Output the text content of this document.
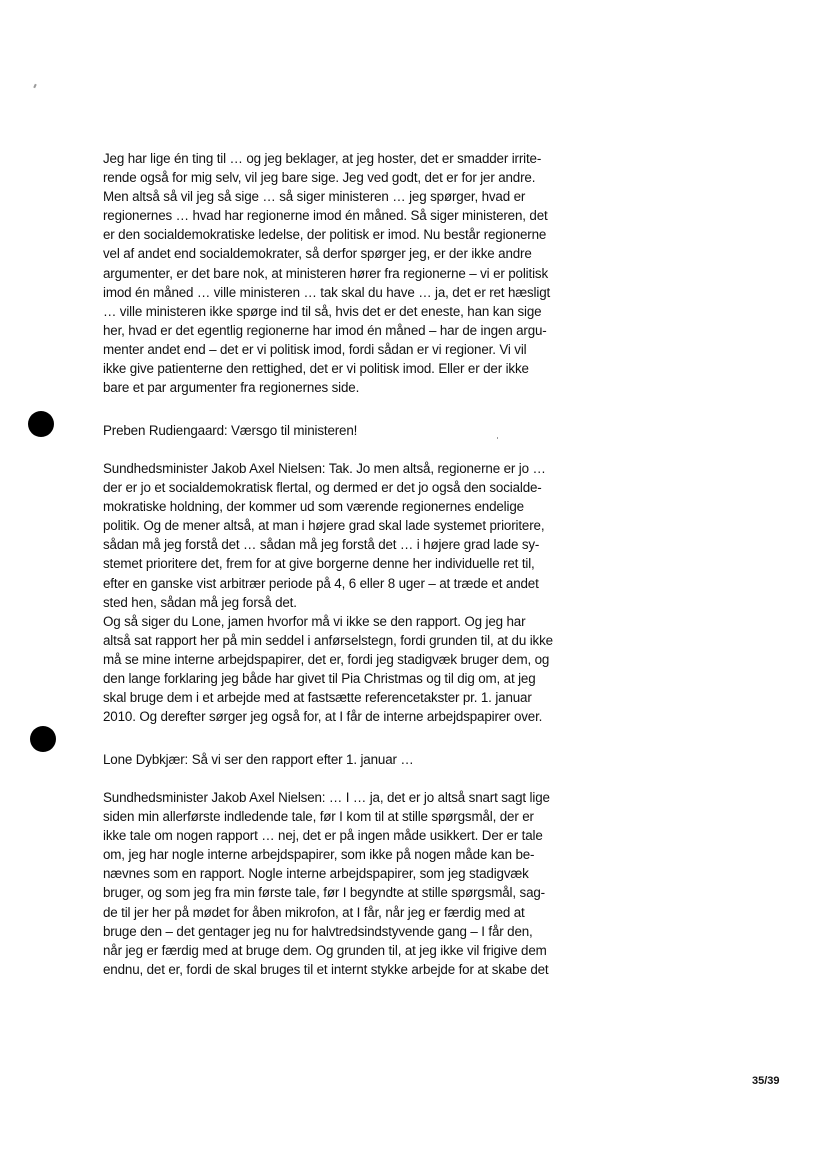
Jeg har lige én ting til … og jeg beklager, at jeg hoster, det er smadder irrite-
rende også for mig selv, vil jeg bare sige. Jeg ved godt, det er for jer andre.
Men altså så vil jeg så sige … så siger ministeren … jeg spørger, hvad er
regionernes … hvad har regionerne imod én måned. Så siger ministeren, det
er den socialdemokratiske ledelse, der politisk er imod. Nu består regionerne
vel af andet end socialdemokrater, så derfor spørger jeg, er der ikke andre
argumenter, er det bare nok, at ministeren hører fra regionerne – vi er politisk
imod én måned … ville ministeren … tak skal du have … ja, det er ret hæsligt
… ville ministeren ikke spørge ind til så, hvis det er det eneste, han kan sige
her, hvad er det egentlig regionerne har imod én måned – har de ingen argu-
menter andet end – det er vi politisk imod, fordi sådan er vi regioner. Vi vil
ikke give patienterne den rettighed, det er vi politisk imod. Eller er der ikke
bare et par argumenter fra regionernes side.
Preben Rudiengaard: Værsgo til ministeren!
Sundhedsminister Jakob Axel Nielsen: Tak. Jo men altså, regionerne er jo …
der er jo et socialdemokratisk flertal, og dermed er det jo også den socialde-
mokratiske holdning, der kommer ud som værende regionernes endelige
politik. Og de mener altså, at man i højere grad skal lade systemet prioritere,
sådan må jeg forstå det … sådan må jeg forstå det … i højere grad lade sy-
stemet prioritere det, frem for at give borgerne denne her individuelle ret til,
efter en ganske vist arbitrær periode på 4, 6 eller 8 uger – at træde et andet
sted hen, sådan må jeg forså det.
Og så siger du Lone, jamen hvorfor må vi ikke se den rapport. Og jeg har
altså sat rapport her på min seddel i anførselstegn, fordi grunden til, at du ikke
må se mine interne arbejdspapirer, det er, fordi jeg stadigvæk bruger dem, og
den lange forklaring jeg både har givet til Pia Christmas og til dig om, at jeg
skal bruge dem i et arbejde med at fastsætte referencetakster pr. 1. januar
2010. Og derefter sørger jeg også for, at I får de interne arbejdspapirer over.
Lone Dybkjær: Så vi ser den rapport efter 1. januar …
Sundhedsminister Jakob Axel Nielsen: … I … ja, det er jo altså snart sagt lige
siden min allerførste indledende tale, før I kom til at stille spørgsmål, der er
ikke tale om nogen rapport … nej, det er på ingen måde usikkert. Der er tale
om, jeg har nogle interne arbejdspapirer, som ikke på nogen måde kan be-
nævnes som en rapport. Nogle interne arbejdspapirer, som jeg stadigvæk
bruger, og som jeg fra min første tale, før I begyndte at stille spørgsmål, sag-
de til jer her på mødet for åben mikrofon, at I får, når jeg er færdig med at
bruge den – det gentager jeg nu for halvtredsindstyvende gang – I får den,
når jeg er færdig med at bruge dem. Og grunden til, at jeg ikke vil frigive dem
endnu, det er, fordi de skal bruges til et internt stykke arbejde for at skabe det
35/39
